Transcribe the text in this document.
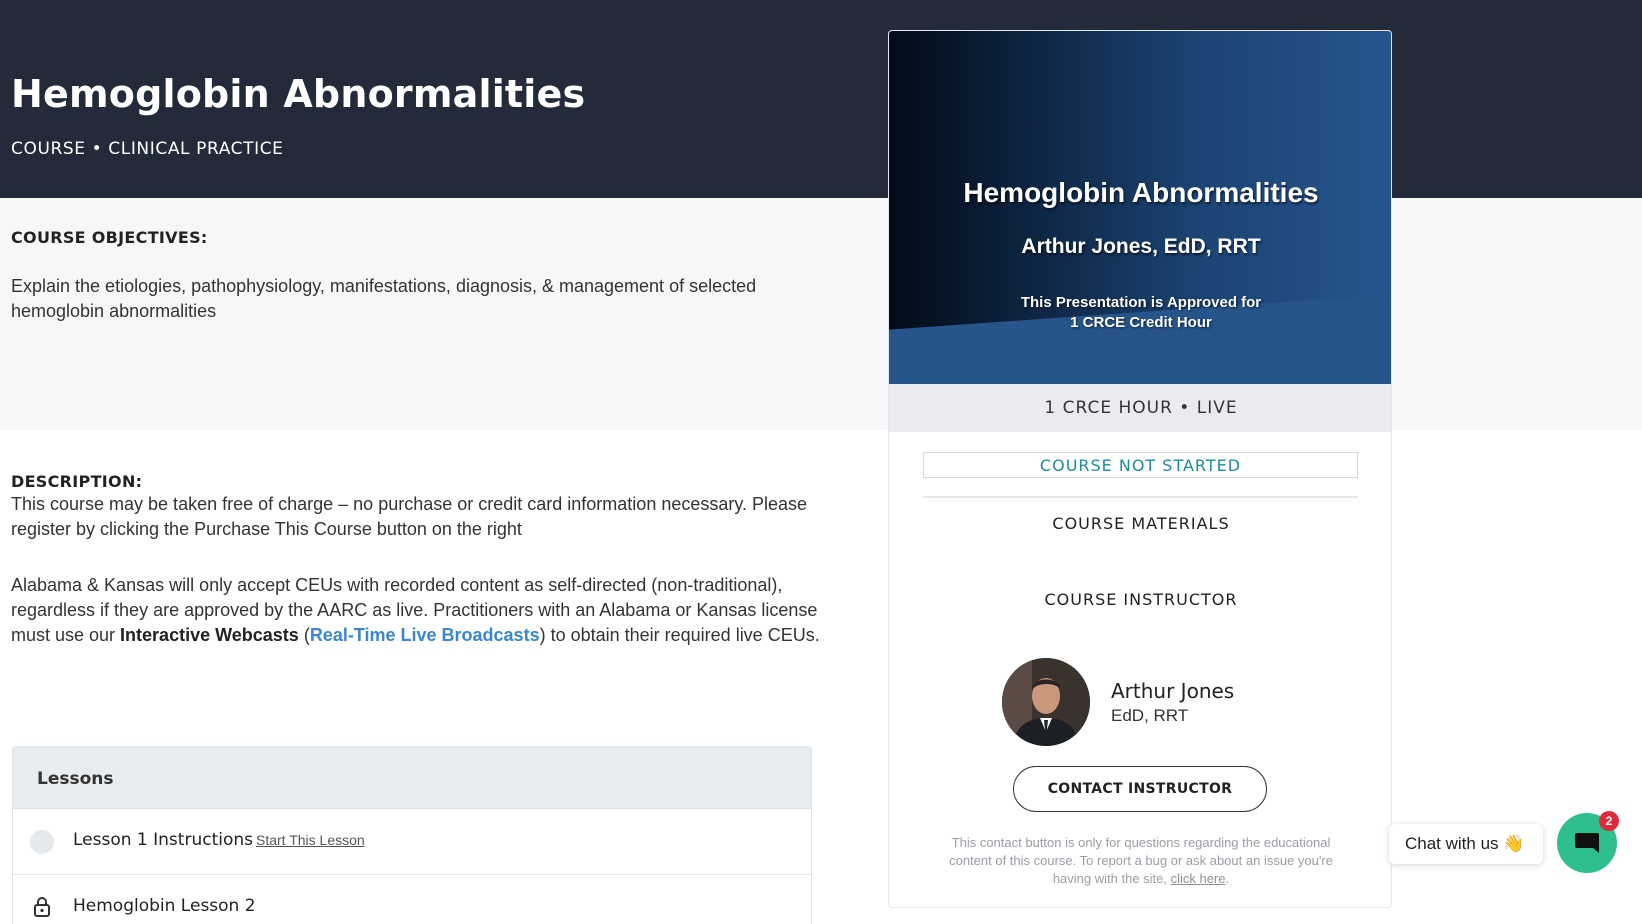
Hemoglobin Abnormalities
COURSE • CLINICAL PRACTICE
COURSE OBJECTIVES:

Explain the etiologies, pathophysiology, manifestations, diagnosis, & management of selected hemoglobin abnormalities

DESCRIPTION:

This course may be taken free of charge – no purchase or credit card information necessary. Please register by clicking the Purchase This Course button on the right

Alabama & Kansas will only accept CEUs with recorded content as self-directed (non-traditional), regardless if they are approved by the AARC as live. Practitioners with an Alabama or Kansas license must use our Interactive Webcasts (Real-Time Live Broadcasts) to obtain their required live CEUs.

Lessons
Lesson 1 Instructions Start This Lesson
Hemoglobin Lesson 2
Hemoglobin Abnormalities
Arthur Jones, EdD, RRT
This Presentation is Approved for
1 CRCE Credit Hour
1 CRCE HOUR • LIVE
COURSE NOT STARTED
COURSE MATERIALS
COURSE INSTRUCTOR
Arthur Jones
EdD, RRT
CONTACT INSTRUCTOR

This contact button is only for questions regarding the educational content of this course. To report a bug or ask about an issue you're having with the site, click here.

Chat with us 👋
2
